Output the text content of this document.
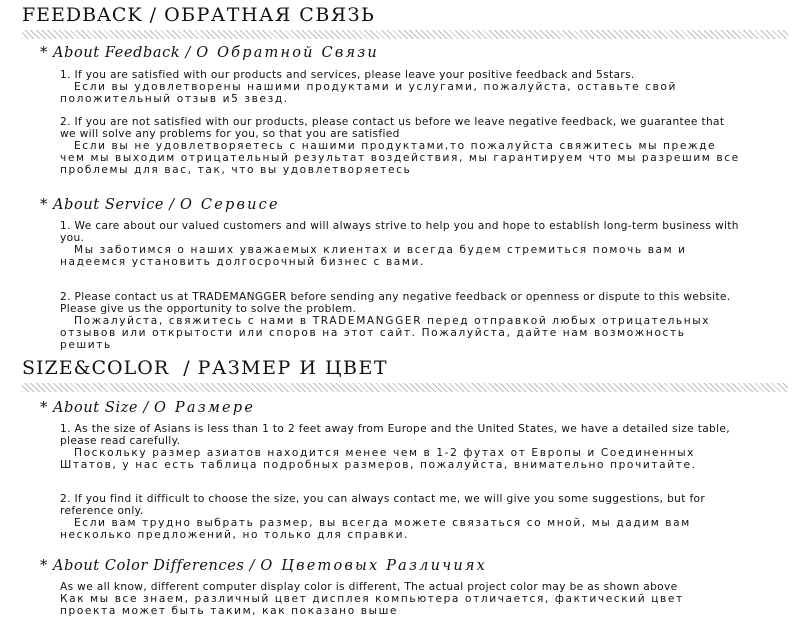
FEEDBACK / ОБРАТНАЯ СВЯЗЬ
* About Feedback / О Обратной Связи
1. If you are satisfied with our products and services, please leave your positive feedback and 5stars.
Если вы удовлетворены нашими продуктами и услугами, пожалуйста, оставьте свой положительный отзыв и5 звезд.
2. If you are not satisfied with our products, please contact us before we leave negative feedback, we guarantee that we will solve any problems for you, so that you are satisfied
Если вы не удовлетворяетесь с нашими продуктами,то пожалуйста свяжитесь мы прежде чем мы выходим отрицательный результат воздействия, мы гарантируем что мы разрешим все проблемы для вас, так, что вы удовлетворяетесь
* About Service / О Сервисе
1. We care about our valued customers and will always strive to help you and hope to establish long-term business with you.
Мы заботимся о наших уважаемых клиентах и всегда будем стремиться помочь вам и надеемся установить долгосрочный бизнес с вами.
2. Please contact us at TRADEMANGGER before sending any negative feedback or openness or dispute to this website. Please give us the opportunity to solve the problem.
Пожалуйста, свяжитесь с нами в TRADEMANGGER перед отправкой любых отрицательных отзывов или открытости или споров на этот сайт. Пожалуйста, дайте нам возможность решить
SIZE&COLOR / РАЗМЕР И ЦВЕТ
* About Size / О Размере
1. As the size of Asians is less than 1 to 2 feet away from Europe and the United States, we have a detailed size table, please read carefully.
Поскольку размер азиатов находится менее чем в 1-2 футах от Европы и Соединенных Штатов, у нас есть таблица подробных размеров, пожалуйста, внимательно прочитайте.
2. If you find it difficult to choose the size, you can always contact me, we will give you some suggestions, but for reference only.
Если вам трудно выбрать размер, вы всегда можете связаться со мной, мы дадим вам несколько предложений, но только для справки.
* About Color Differences / О Цветовых Различиях
As we all know, different computer display color is different, The actual project color may be as shown above
Как мы все знаем, различный цвет дисплея компьютера отличается, фактический цвет проекта может быть таким, как показано выше
